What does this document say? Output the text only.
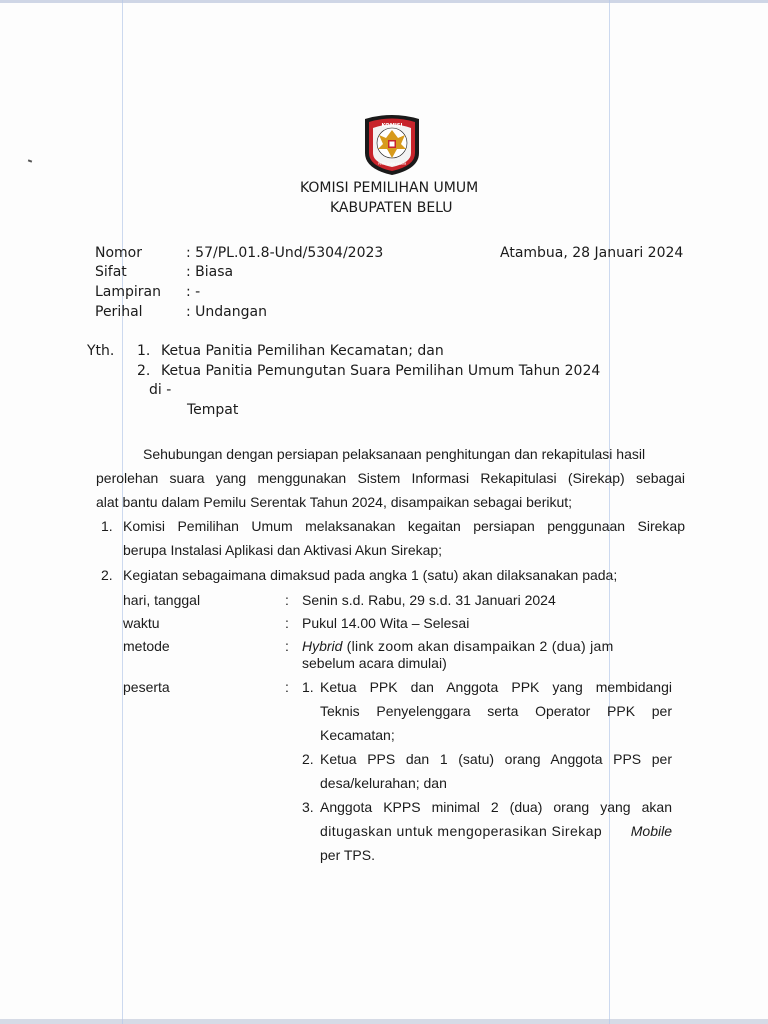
KOMISI
PEMILIHAN UMUM
KOMISI PEMILIHAN UMUM
KABUPATEN BELU
Nomor	: 57/PL.01.8-Und/5304/2023	Atambua, 28 Januari 2024
Sifat	: Biasa
Lampiran : -
Perihal	: Undangan
Yth. 1. Ketua Panitia Pemilihan Kecamatan; dan
2. Ketua Panitia Pemungutan Suara Pemilihan Umum Tahun 2024
di -
Tempat
Sehubungan dengan persiapan pelaksanaan penghitungan dan rekapitulasi hasil
perolehan suara yang menggunakan Sistem Informasi Rekapitulasi (Sirekap) sebagai
alat bantu dalam Pemilu Serentak Tahun 2024, disampaikan sebagai berikut;
1. Komisi Pemilihan Umum melaksanakan kegaitan persiapan penggunaan Sirekap
berupa Instalasi Aplikasi dan Aktivasi Akun Sirekap;
2. Kegiatan sebagaimana dimaksud pada angka 1 (satu) akan dilaksanakan pada;
hari, tanggal	: Senin s.d. Rabu, 29 s.d. 31 Januari 2024
waktu	: Pukul 14.00 Wita – Selesai
metode	: Hybrid (link zoom akan disampaikan 2 (dua) jam
sebelum acara dimulai)
peserta	: 1. Ketua PPK dan Anggota PPK yang membidangi
Teknis Penyelenggara serta Operator PPK per
Kecamatan;
2. Ketua PPS dan 1 (satu) orang Anggota PPS per
desa/kelurahan; dan
3. Anggota KPPS minimal 2 (dua) orang yang akan
ditugaskan untuk mengoperasikan Sirekap Mobile
per TPS.
